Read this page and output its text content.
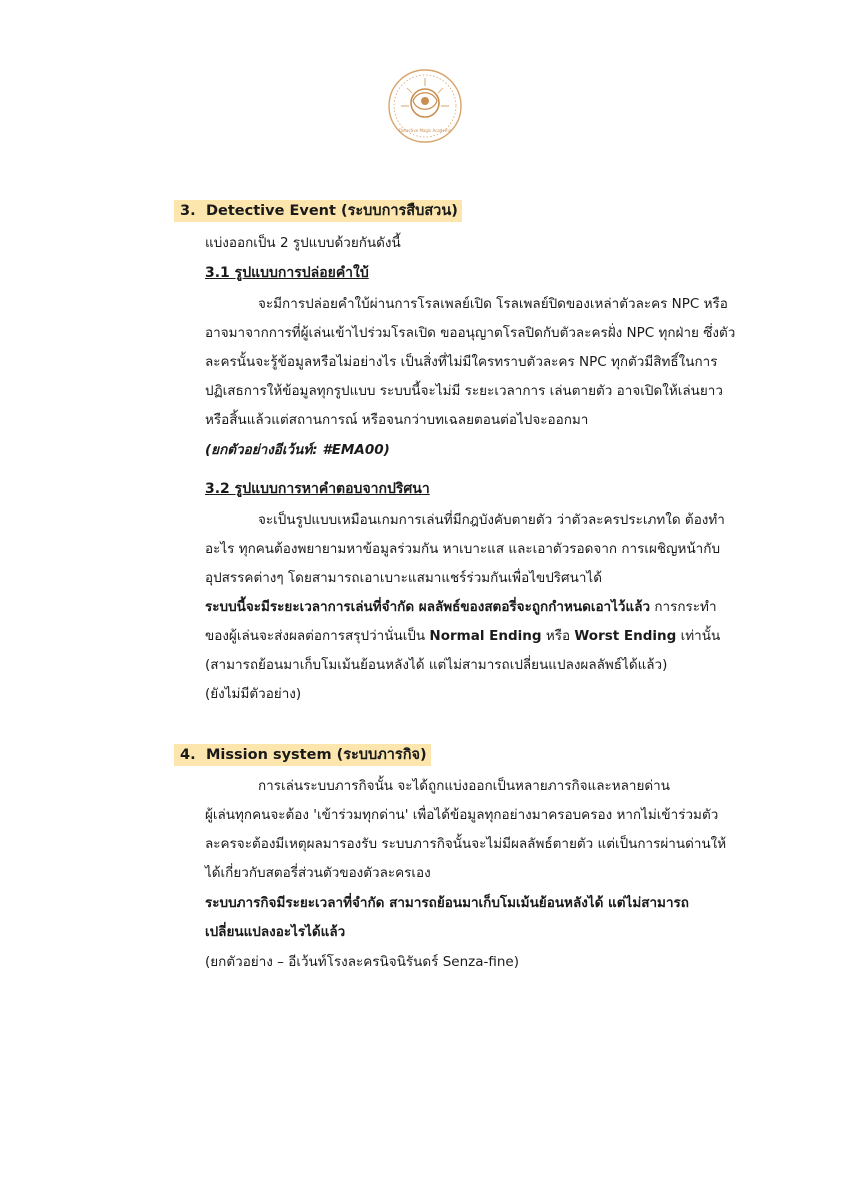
Detective Magic Academy
3. Detective Event (ระบบการสืบสวน)
แบ่งออกเป็น 2 รูปแบบด้วยกันดังนี้
3.1 รูปแบบการปล่อยคำใบ้
จะมีการปล่อยคำใบ้ผ่านการโรลเพลย์เปิด โรลเพลย์ปิดของเหล่าตัวละคร NPC หรือ
อาจมาจากการที่ผู้เล่นเข้าไปร่วมโรลเปิด ขออนุญาตโรลปิดกับตัวละครฝั่ง NPC ทุกฝ่าย ซึ่งตัว
ละครนั้นจะรู้ข้อมูลหรือไม่อย่างไร เป็นสิ่งที่ไม่มีใครทราบตัวละคร NPC ทุกตัวมีสิทธิ์ในการ
ปฏิเสธการให้ข้อมูลทุกรูปแบบ ระบบนี้จะไม่มี ระยะเวลาการ เล่นตายตัว อาจเปิดให้เล่นยาว
หรือสิ้นแล้วแต่สถานการณ์ หรือจนกว่าบทเฉลยตอนต่อไปจะออกมา
(ยกตัวอย่างอีเว้นท์: #EMA00)
3.2 รูปแบบการหาคำตอบจากปริศนา
จะเป็นรูปแบบเหมือนเกมการเล่นที่มีกฎบังคับตายตัว ว่าตัวละครประเภทใด ต้องทำ
อะไร ทุกคนต้องพยายามหาข้อมูลร่วมกัน หาเบาะแส และเอาตัวรอดจาก การเผชิญหน้ากับ
อุปสรรคต่างๆ โดยสามารถเอาเบาะแสมาแชร์ร่วมกันเพื่อไขปริศนาได้
ระบบนี้จะมีระยะเวลาการเล่นที่จำกัด ผลลัพธ์ของสตอรี่จะถูกกำหนดเอาไว้แล้ว การกระทำ
ของผู้เล่นจะส่งผลต่อการสรุปว่านั่นเป็น Normal Ending หรือ Worst Ending เท่านั้น
(สามารถย้อนมาเก็บโมเม้นย้อนหลังได้ แต่ไม่สามารถเปลี่ยนแปลงผลลัพธ์ได้แล้ว)
(ยังไม่มีตัวอย่าง)
4. Mission system (ระบบภารกิจ)
การเล่นระบบภารกิจนั้น จะได้ถูกแบ่งออกเป็นหลายภารกิจและหลายด่าน
ผู้เล่นทุกคนจะต้อง 'เข้าร่วมทุกด่าน' เพื่อได้ข้อมูลทุกอย่างมาครอบครอง หากไม่เข้าร่วมตัว
ละครจะต้องมีเหตุผลมารองรับ ระบบภารกิจนั้นจะไม่มีผลลัพธ์ตายตัว แต่เป็นการผ่านด่านให้
ได้เกี่ยวกับสตอรี่ส่วนตัวของตัวละครเอง
ระบบภารกิจมีระยะเวลาที่จำกัด สามารถย้อนมาเก็บโมเม้นย้อนหลังได้ แต่ไม่สามารถ
เปลี่ยนแปลงอะไรได้แล้ว
(ยกตัวอย่าง – อีเว้นท์โรงละครนิจนิรันดร์ Senza-fine)
